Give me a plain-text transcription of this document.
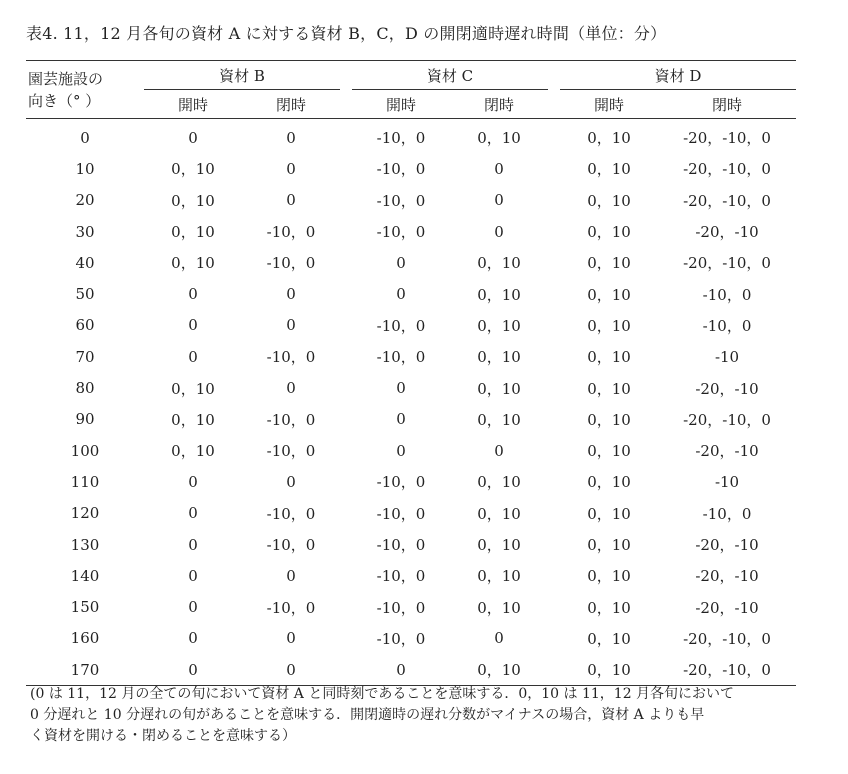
表4. 11，12 月各旬の資材 A に対する資材 B，C，D の開閉適時遅れ時間（単位：分）
園芸施設の
向き（° ）	資材 B			資材 C			資材 D	
	開時	閉時		開時	閉時		開時	閉時
0	0	0		-10，0	0，10		0，10	-20，-10，0
10	0，10	0		-10，0	0		0，10	-20，-10，0
20	0，10	0		-10，0	0		0，10	-20，-10，0
30	0，10	-10，0		-10，0	0		0，10	-20，-10
40	0，10	-10，0		0	0，10		0，10	-20，-10，0
50	0	0		0	0，10		0，10	-10，0
60	0	0		-10，0	0，10		0，10	-10，0
70	0	-10，0		-10，0	0，10		0，10	-10
80	0，10	0		0	0，10		0，10	-20，-10
90	0，10	-10，0		0	0，10		0，10	-20，-10，0
100	0，10	-10，0		0	0		0，10	-20，-10
110	0	0		-10，0	0，10		0，10	-10
120	0	-10，0		-10，0	0，10		0，10	-10，0
130	0	-10，0		-10，0	0，10		0，10	-20，-10
140	0	0		-10，0	0，10		0，10	-20，-10
150	0	-10，0		-10，0	0，10		0，10	-20，-10
160	0	0		-10，0	0		0，10	-20，-10，0
170	0	0		0	0，10		0，10	-20，-10，0
(0 は 11，12 月の全ての旬において資材 A と同時刻であることを意味する．0，10 は 11，12 月各旬において
0 分遅れと 10 分遅れの旬があることを意味する．開閉適時の遅れ分数がマイナスの場合，資材 A よりも早
く資材を開ける・閉めることを意味する）
